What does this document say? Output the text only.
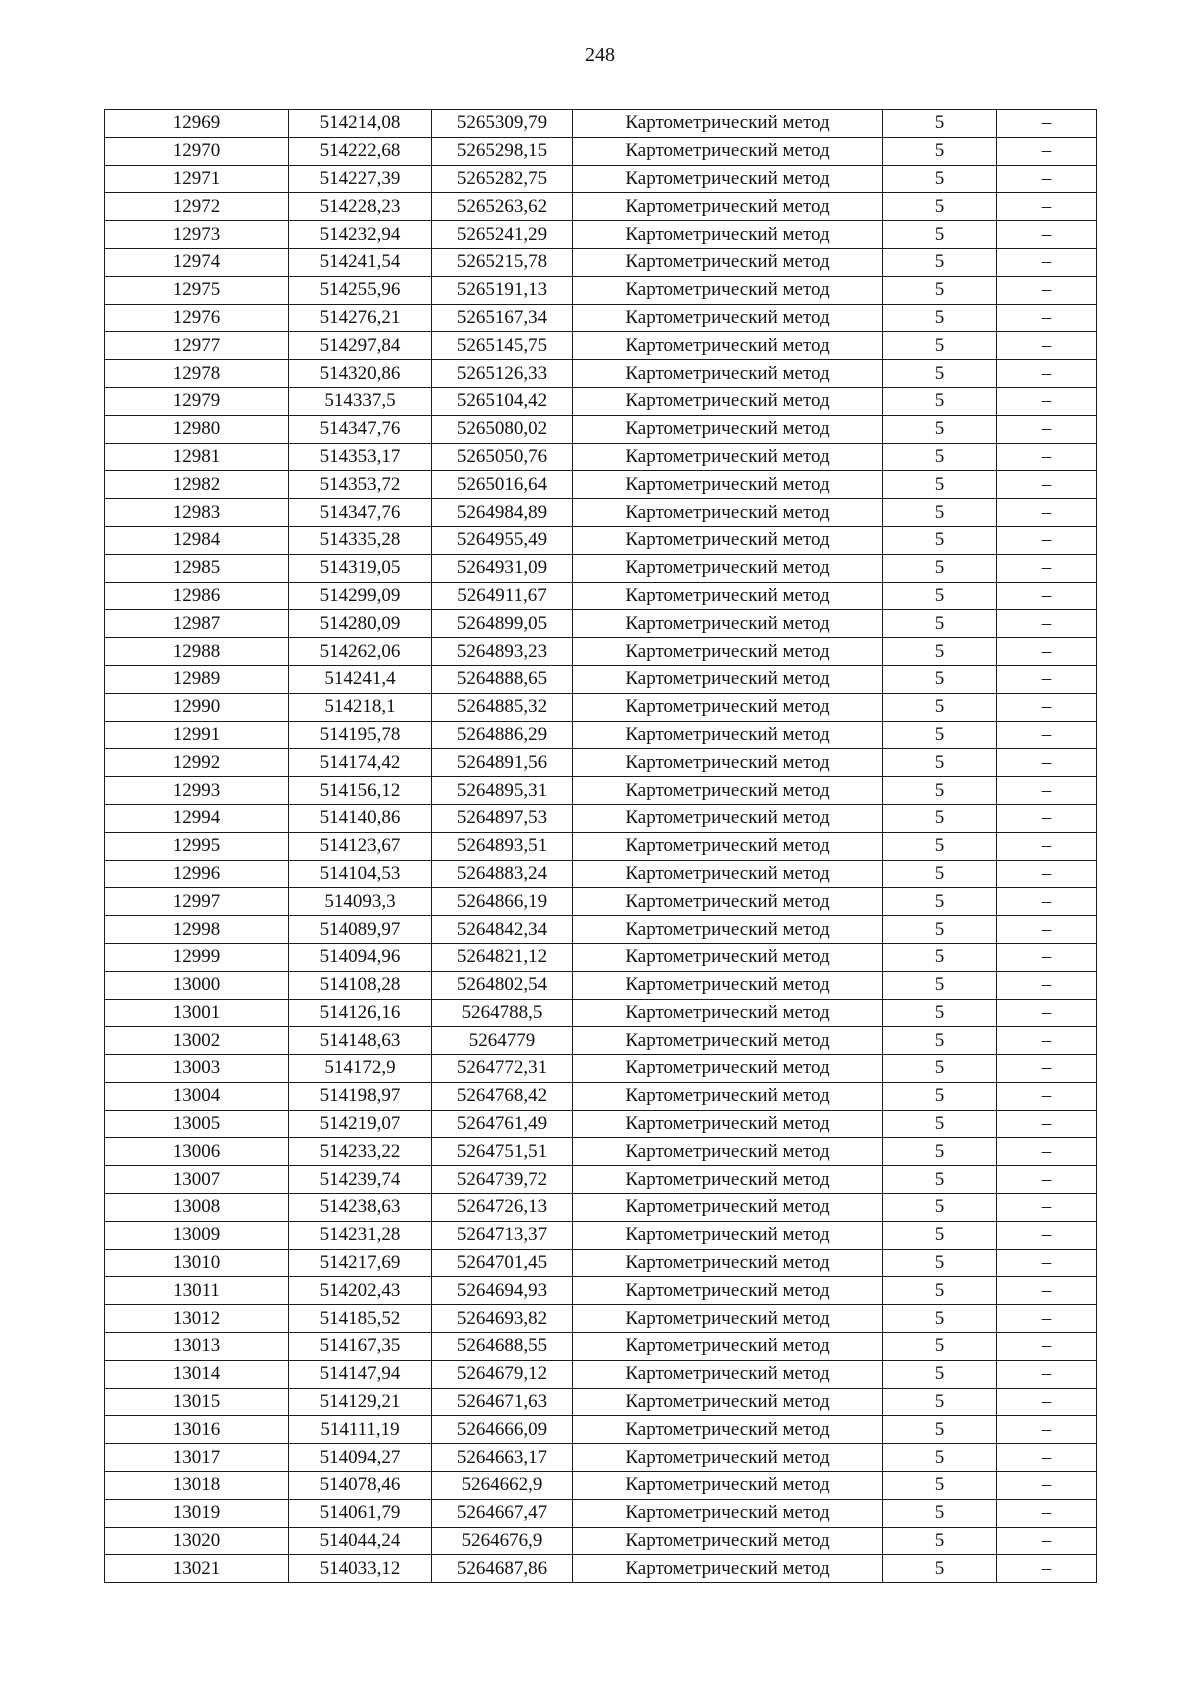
248
12969	514214,08	5265309,79	Картометрический метод	5	–
12970	514222,68	5265298,15	Картометрический метод	5	–
12971	514227,39	5265282,75	Картометрический метод	5	–
12972	514228,23	5265263,62	Картометрический метод	5	–
12973	514232,94	5265241,29	Картометрический метод	5	–
12974	514241,54	5265215,78	Картометрический метод	5	–
12975	514255,96	5265191,13	Картометрический метод	5	–
12976	514276,21	5265167,34	Картометрический метод	5	–
12977	514297,84	5265145,75	Картометрический метод	5	–
12978	514320,86	5265126,33	Картометрический метод	5	–
12979	514337,5	5265104,42	Картометрический метод	5	–
12980	514347,76	5265080,02	Картометрический метод	5	–
12981	514353,17	5265050,76	Картометрический метод	5	–
12982	514353,72	5265016,64	Картометрический метод	5	–
12983	514347,76	5264984,89	Картометрический метод	5	–
12984	514335,28	5264955,49	Картометрический метод	5	–
12985	514319,05	5264931,09	Картометрический метод	5	–
12986	514299,09	5264911,67	Картометрический метод	5	–
12987	514280,09	5264899,05	Картометрический метод	5	–
12988	514262,06	5264893,23	Картометрический метод	5	–
12989	514241,4	5264888,65	Картометрический метод	5	–
12990	514218,1	5264885,32	Картометрический метод	5	–
12991	514195,78	5264886,29	Картометрический метод	5	–
12992	514174,42	5264891,56	Картометрический метод	5	–
12993	514156,12	5264895,31	Картометрический метод	5	–
12994	514140,86	5264897,53	Картометрический метод	5	–
12995	514123,67	5264893,51	Картометрический метод	5	–
12996	514104,53	5264883,24	Картометрический метод	5	–
12997	514093,3	5264866,19	Картометрический метод	5	–
12998	514089,97	5264842,34	Картометрический метод	5	–
12999	514094,96	5264821,12	Картометрический метод	5	–
13000	514108,28	5264802,54	Картометрический метод	5	–
13001	514126,16	5264788,5	Картометрический метод	5	–
13002	514148,63	5264779	Картометрический метод	5	–
13003	514172,9	5264772,31	Картометрический метод	5	–
13004	514198,97	5264768,42	Картометрический метод	5	–
13005	514219,07	5264761,49	Картометрический метод	5	–
13006	514233,22	5264751,51	Картометрический метод	5	–
13007	514239,74	5264739,72	Картометрический метод	5	–
13008	514238,63	5264726,13	Картометрический метод	5	–
13009	514231,28	5264713,37	Картометрический метод	5	–
13010	514217,69	5264701,45	Картометрический метод	5	–
13011	514202,43	5264694,93	Картометрический метод	5	–
13012	514185,52	5264693,82	Картометрический метод	5	–
13013	514167,35	5264688,55	Картометрический метод	5	–
13014	514147,94	5264679,12	Картометрический метод	5	–
13015	514129,21	5264671,63	Картометрический метод	5	–
13016	514111,19	5264666,09	Картометрический метод	5	–
13017	514094,27	5264663,17	Картометрический метод	5	–
13018	514078,46	5264662,9	Картометрический метод	5	–
13019	514061,79	5264667,47	Картометрический метод	5	–
13020	514044,24	5264676,9	Картометрический метод	5	–
13021	514033,12	5264687,86	Картометрический метод	5	–
